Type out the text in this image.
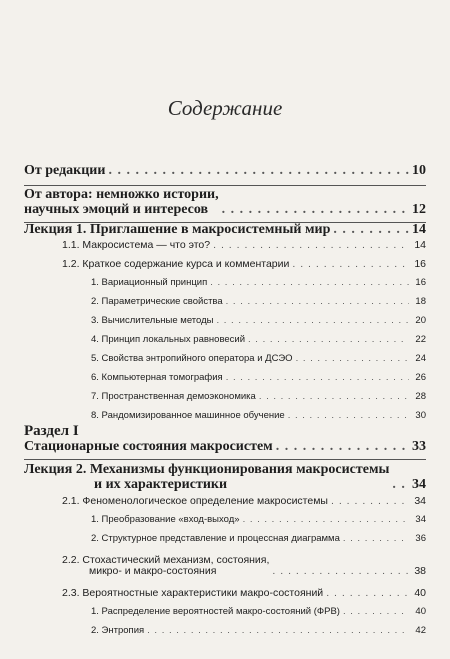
Содержание
От редакции . . .	10
От автора: немножко истории,
научных эмоций и интересов . . .	12
Лекция 1. Приглашение в макросистемный мир . . .	14
1.1. Макросистема — что это? . . .	14
1.2. Краткое содержание курса и комментарии . . .	16
1. Вариационный принцип . . .	16
2. Параметрические свойства . . .	18
3. Вычислительные методы . . .	20
4. Принцип локальных равновесий . . .	22
5. Свойства энтропийного оператора и ДСЭО . . .	24
6. Компьютерная томография . . .	26
7. Пространственная демоэкономика . . .	28
8. Рандомизированное машинное обучение . . .	30
Раздел I
Стационарные состояния макросистем . . .	33
Лекция 2. Механизмы функционирования макросистемы
и их характеристики . . .	34
2.1. Феноменологическое определение макросистемы . . .	34
1. Преобразование «вход-выход» . . .	34
2. Структурное представление и процессная диаграмма . . .	36
2.2. Стохастический механизм, состояния,
микро- и макро-состояния . . .	38
2.3. Вероятностные характеристики макро-состояний . . .	40
1. Распределение вероятностей макро-состояний (ФРВ) . . .	40
2. Энтропия . . .	42
